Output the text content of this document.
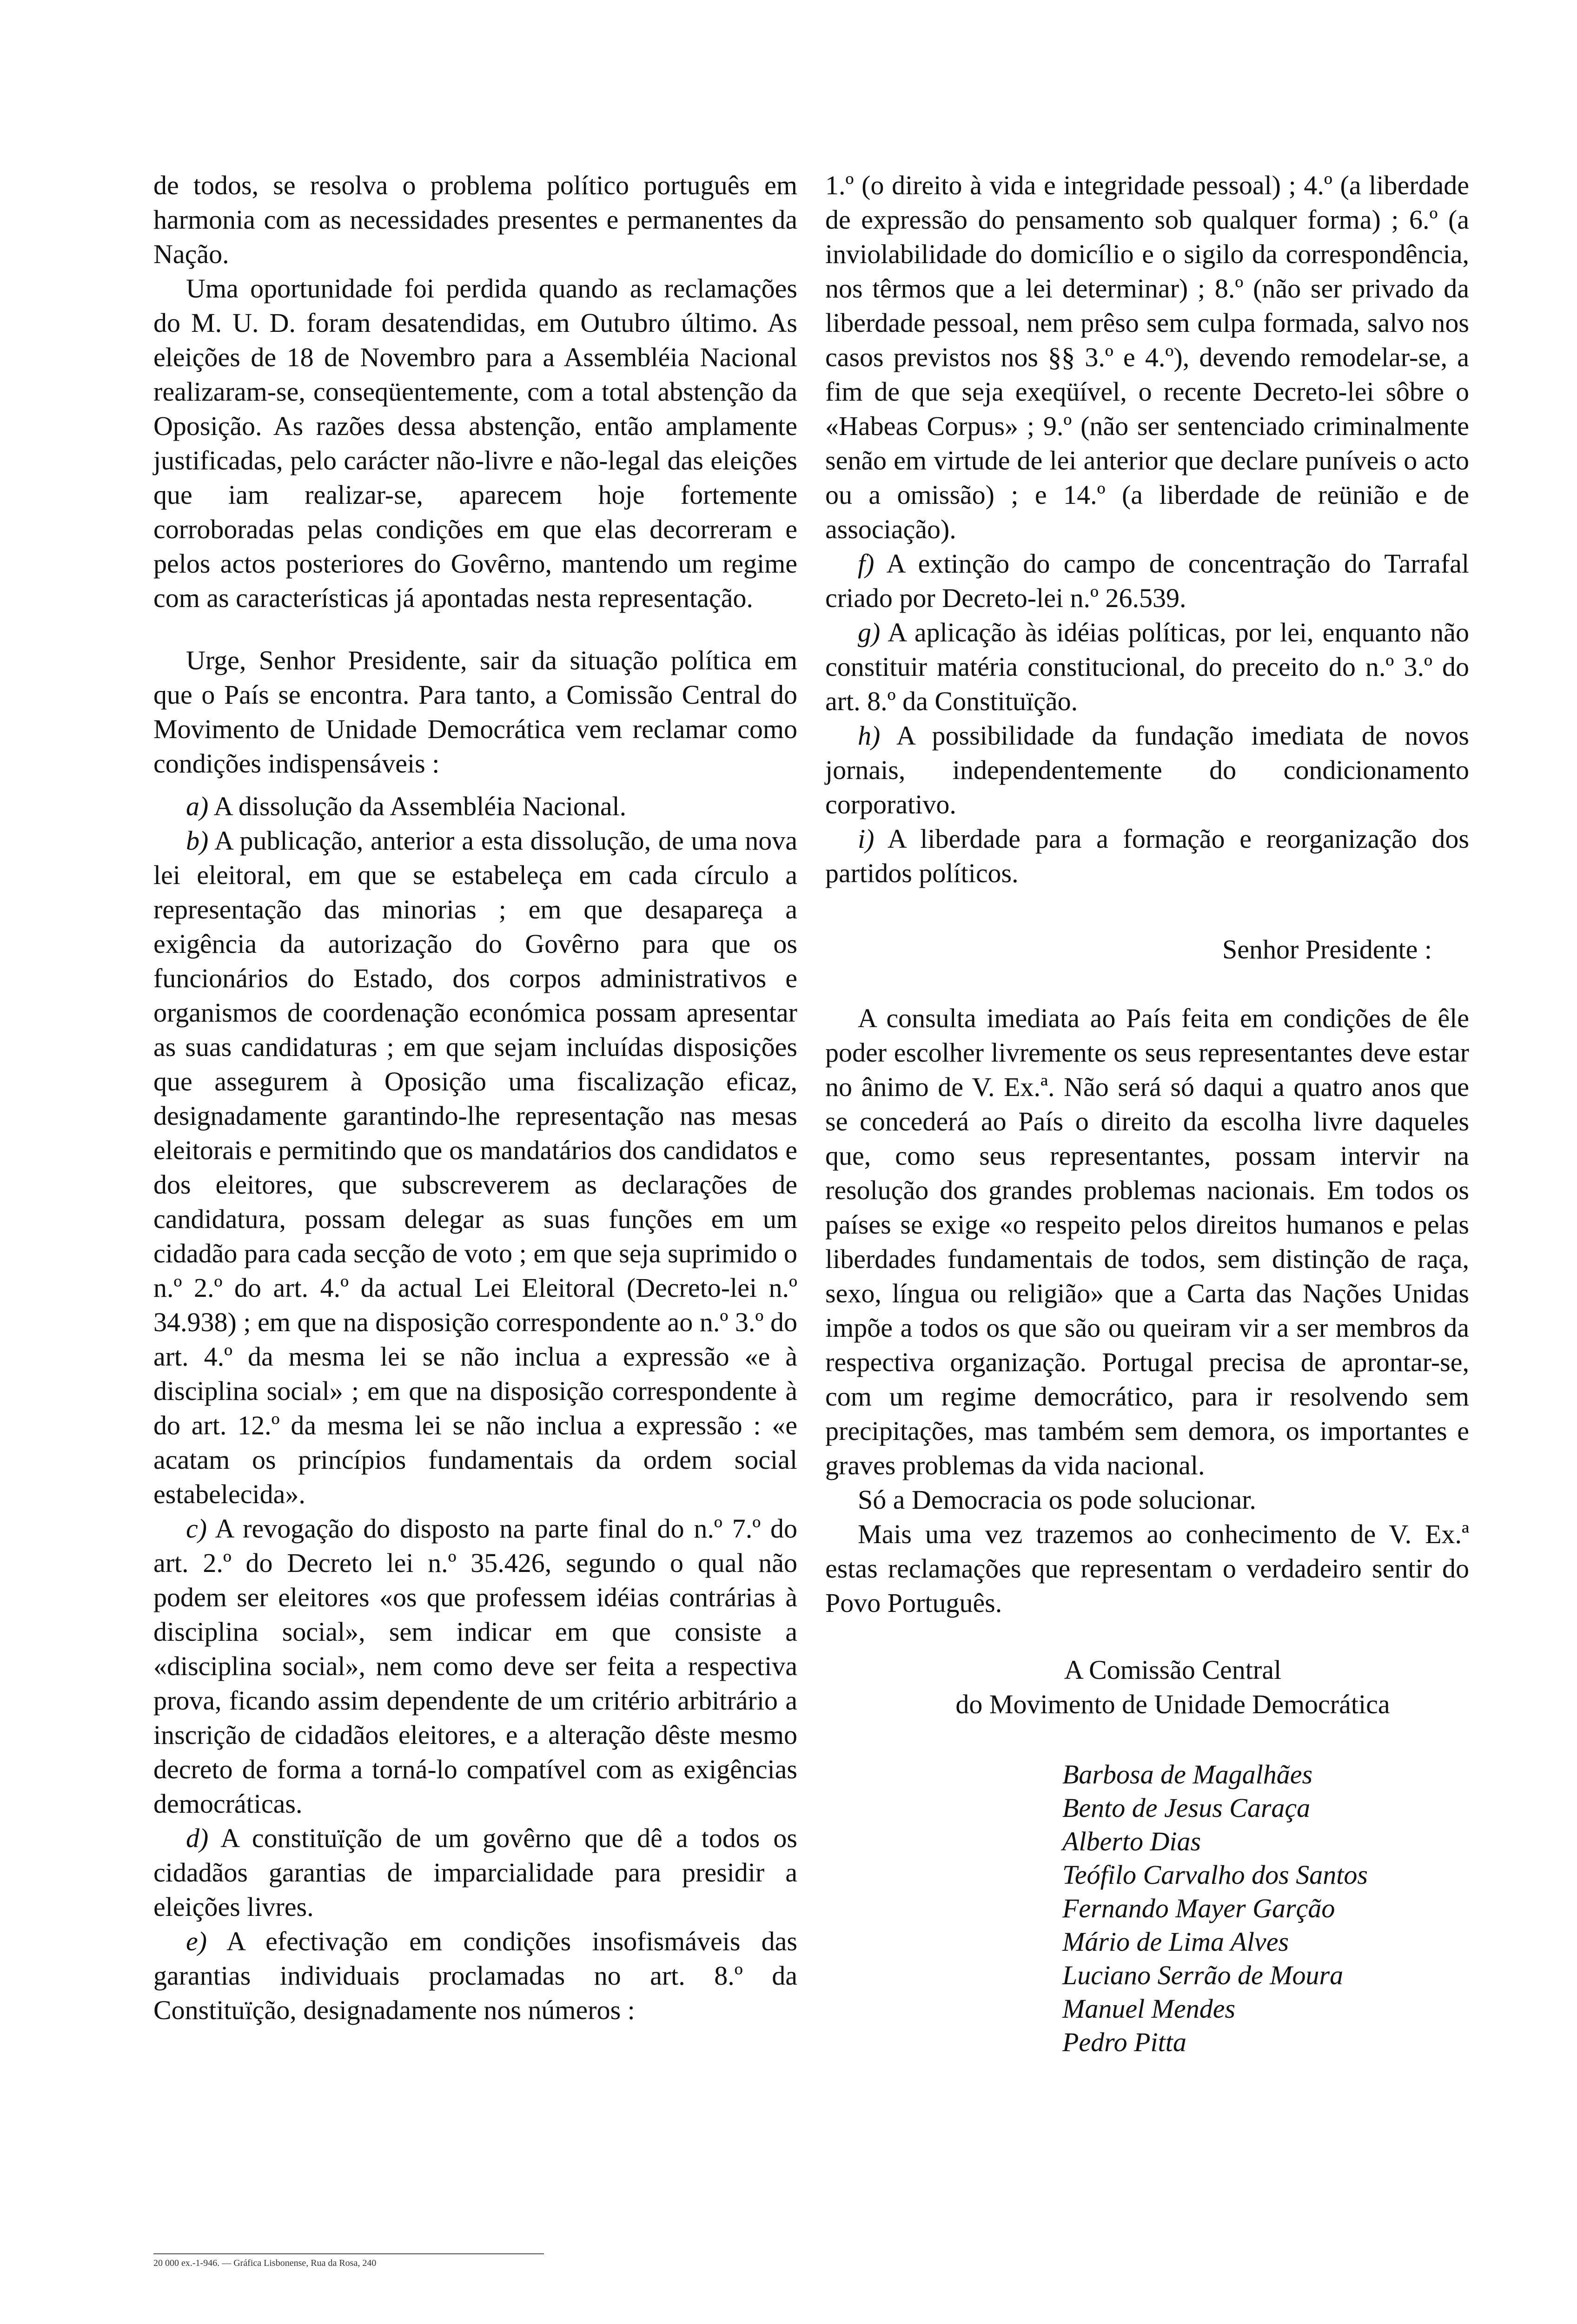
de todos, se resolva o problema político português em harmonia com as necessidades presentes e permanentes da Nação.

Uma oportunidade foi perdida quando as reclamações do M. U. D. foram desatendidas, em Outubro último. As eleições de 18 de Novembro para a Assembléia Nacional realizaram-se, conseqüentemente, com a total abstenção da Oposição. As razões dessa abstenção, então amplamente justificadas, pelo carácter não-livre e não-legal das eleições que iam realizar-se, aparecem hoje fortemente corroboradas pelas condições em que elas decorreram e pelos actos posteriores do Govêrno, mantendo um regime com as características já apontadas nesta representação.

Urge, Senhor Presidente, sair da situação política em que o País se encontra. Para tanto, a Comissão Central do Movimento de Unidade Democrática vem reclamar como condições indispensáveis :

a) A dissolução da Assembléia Nacional.

b) A publicação, anterior a esta dissolução, de uma nova lei eleitoral, em que se estabeleça em cada círculo a representação das minorias ; em que desapareça a exigência da autorização do Govêrno para que os funcionários do Estado, dos corpos administrativos e organismos de coordenação económica possam apresentar as suas candidaturas ; em que sejam incluídas disposições que assegurem à Oposição uma fiscalização eficaz, designadamente garantindo-lhe representação nas mesas eleitorais e permitindo que os mandatários dos candidatos e dos eleitores, que subscreverem as declarações de candidatura, possam delegar as suas funções em um cidadão para cada secção de voto ; em que seja suprimido o n.º 2.º do art. 4.º da actual Lei Eleitoral (Decreto-lei n.º 34.938) ; em que na disposição correspondente ao n.º 3.º do art. 4.º da mesma lei se não inclua a expressão «e à disciplina social» ; em que na disposição correspondente à do art. 12.º da mesma lei se não inclua a expressão : «e acatam os princípios fundamentais da ordem social estabelecida».

c) A revogação do disposto na parte final do n.º 7.º do art. 2.º do Decreto lei n.º 35.426, segundo o qual não podem ser eleitores «os que professem idéias contrárias à disciplina social», sem indicar em que consiste a «disciplina social», nem como deve ser feita a respectiva prova, ficando assim dependente de um critério arbitrário a inscrição de cidadãos eleitores, e a alteração dêste mesmo decreto de forma a torná-lo compatível com as exigências democráticas.

d) A constituïção de um govêrno que dê a todos os cidadãos garantias de imparcialidade para presidir a eleições livres.

e) A efectivação em condições insofismáveis das garantias individuais proclamadas no art. 8.º da Constituïção, designadamente nos números :

1.º (o direito à vida e integridade pessoal) ; 4.º (a liberdade de expressão do pensamento sob qualquer forma) ; 6.º (a inviolabilidade do domicílio e o sigilo da correspondência, nos têrmos que a lei determinar) ; 8.º (não ser privado da liberdade pessoal, nem prêso sem culpa formada, salvo nos casos previstos nos §§ 3.º e 4.º), devendo remodelar-se, a fim de que seja exeqüível, o recente Decreto-lei sôbre o «Habeas Corpus» ; 9.º (não ser sentenciado criminalmente senão em virtude de lei anterior que declare puníveis o acto ou a omissão) ; e 14.º (a liberdade de reünião e de associação).

f) A extinção do campo de concentração do Tarrafal criado por Decreto-lei n.º 26.539.

g) A aplicação às idéias políticas, por lei, enquanto não constituir matéria constitucional, do preceito do n.º 3.º do art. 8.º da Constituïção.

h) A possibilidade da fundação imediata de novos jornais, independentemente do condicionamento corporativo.

i) A liberdade para a formação e reorganização dos partidos políticos.

Senhor Presidente :

A consulta imediata ao País feita em condições de êle poder escolher livremente os seus representantes deve estar no ânimo de V. Ex.ª. Não será só daqui a quatro anos que se concederá ao País o direito da escolha livre daqueles que, como seus representantes, possam intervir na resolução dos grandes problemas nacionais. Em todos os países se exige «o respeito pelos direitos humanos e pelas liberdades fundamentais de todos, sem distinção de raça, sexo, língua ou religião» que a Carta das Nações Unidas impõe a todos os que são ou queiram vir a ser membros da respectiva organização. Portugal precisa de aprontar-se, com um regime democrático, para ir resolvendo sem precipitações, mas também sem demora, os importantes e graves problemas da vida nacional.

Só a Democracia os pode solucionar.

Mais uma vez trazemos ao conhecimento de V. Ex.ª estas reclamações que representam o verdadeiro sentir do Povo Português.

A Comissão Central
do Movimento de Unidade Democrática
Barbosa de Magalhães
Bento de Jesus Caraça
Alberto Dias
Teófilo Carvalho dos Santos
Fernando Mayer Garção
Mário de Lima Alves
Luciano Serrão de Moura
Manuel Mendes
Pedro Pitta
20 000 ex.-1-946. — Gráfica Lisbonense, Rua da Rosa, 240
